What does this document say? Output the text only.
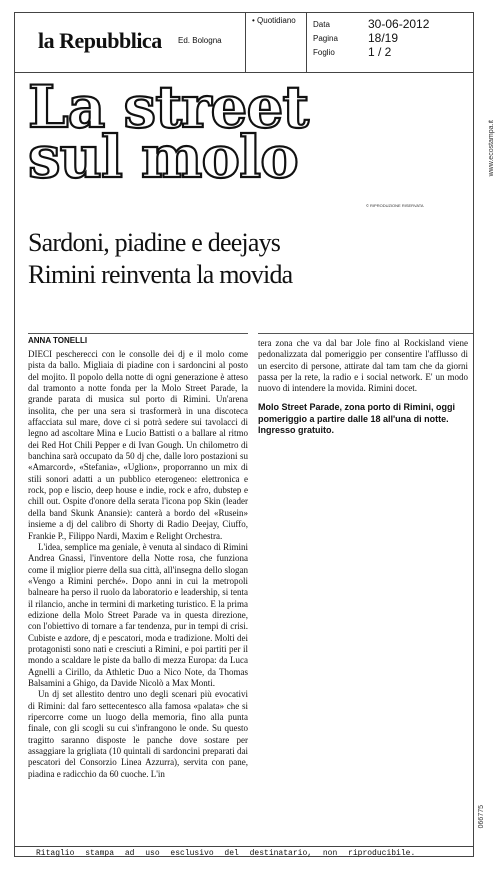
la Repubblica Ed. Bologna
• Quotidiano Data	30-06-2012
Pagina	18/19
Foglio	1 / 2
www.ecostampa.it
066775
La street
sul molo
© RIPRODUZIONE RISERVATA
Sardoni, piadine e deejays
Rimini reinventa la movida
ANNA TONELLI

DIECI pescherecci con le consolle dei dj e il molo come pista da ballo. Migliaia di piadine con i sardoncini al posto del mojito. Il popolo della notte di ogni generazione è atteso dal tramonto a notte fonda per la Molo Street Parade, la grande parata di musica sul porto di Rimini. Un'arena insolita, che per una sera si trasformerà in una discoteca affacciata sul mare, dove ci si potrà sedere sui tavolacci di legno ad ascoltare Mina e Lucio Battisti o a ballare al ritmo dei Red Hot Chili Pepper e di Ivan Gough. Un chilometro di banchina sarà occupato da 50 dj che, dalle loro postazioni su «Amarcord», «Stefania», «Uglion», proporranno un mix di stili sonori adatti a un pubblico eterogeneo: elettronica e rock, pop e liscio, deep house e indie, rock e afro, dubstep e chill out. Ospite d'onore della serata l'icona pop Skin (leader della band Skunk Anansie): canterà a bordo del «Rusein» insieme a dj del calibro di Shorty di Radio Deejay, Ciuffo, Frankie P., Filippo Nardi, Maxim e Relight Orchestra.

L'idea, semplice ma geniale, è venuta al sindaco di Rimini Andrea Gnassi, l'inventore della Notte rosa, che funziona come il miglior pierre della sua città, all'insegna dello slogan «Vengo a Rimini perché». Dopo anni in cui la metropoli balneare ha perso il ruolo da laboratorio e leadership, si tenta il rilancio, anche in termini di marketing turistico. E la prima edizione della Molo Street Parade va in questa direzione, con l'obiettivo di tornare a far tendenza, pur in tempi di crisi. Cubiste e azdore, dj e pescatori, moda e tradizione. Molti dei protagonisti sono nati e cresciuti a Rimini, e poi partiti per il mondo a scaldare le piste da ballo di mezza Europa: da Luca Agnelli a Cirillo, da Athletic Duo a Nico Note, da Thomas Balsamini a Ghigo, da Davide Nicolò a Max Monti.

Un dj set allestito dentro uno degli scenari più evocativi di Rimini: dal faro settecentesco alla famosa «palata» che si ripercorre come un luogo della memoria, fino alla punta finale, con gli scogli su cui s'infrangono le onde. Su questo tragitto saranno disposte le panche dove sostare per assaggiare la grigliata (10 quintali di sardoncini preparati dai pescatori del Consorzio Linea Azzurra), servita con pane, piadina e radicchio da 60 cuoche. L'in

tera zona che va dal bar Jole fino al Rockisland viene pedonalizzata dal pomeriggio per consentire l'afflusso di un esercito di persone, attirate dal tam tam che da giorni passa per la rete, la radio e i social network. E' un modo nuovo di intendere la movida. Rimini docet.

Molo Street Parade, zona porto di Rimini, oggi pomeriggio a partire dalle 18 all'una di notte. Ingresso gratuito.
Ritaglio stampa ad uso esclusivo del destinatario, non riproducibile.
